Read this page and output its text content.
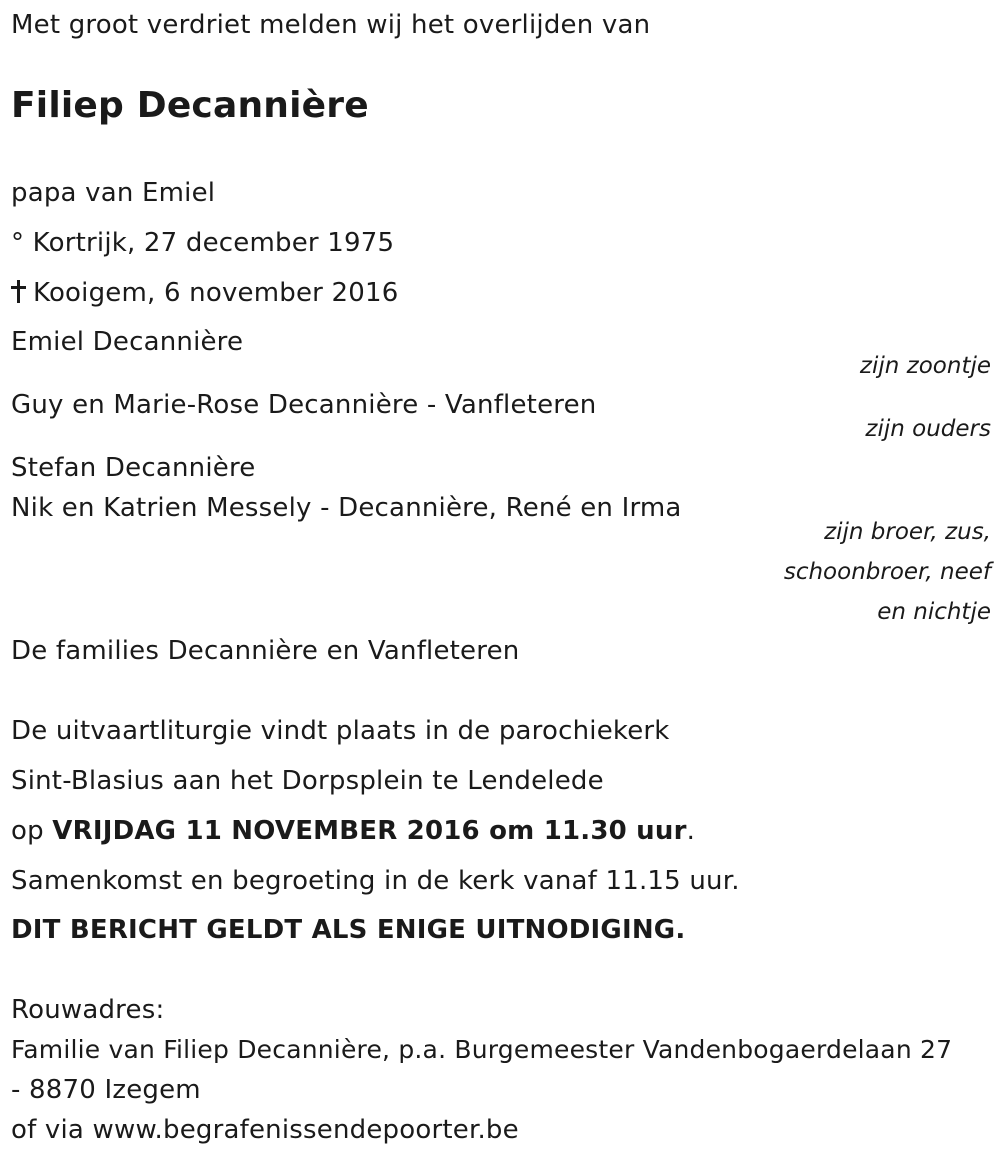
Met groot verdriet melden wij het overlijden van
Filiep Decannière
papa van Emiel
° Kortrijk, 27 december 1975
Kooigem, 6 november 2016
Emiel Decannière
zijn zoontje
Guy en Marie-Rose Decannière - Vanfleteren
zijn ouders
Stefan Decannière
Nik en Katrien Messely - Decannière, René en Irma
zijn broer, zus,
schoonbroer, neef
en nichtje
De families Decannière en Vanfleteren
De uitvaartliturgie vindt plaats in de parochiekerk
Sint-Blasius aan het Dorpsplein te Lendelede
op VRIJDAG 11 NOVEMBER 2016 om 11.30 uur.
Samenkomst en begroeting in de kerk vanaf 11.15 uur.
DIT BERICHT GELDT ALS ENIGE UITNODIGING.
Rouwadres:
Familie van Filiep Decannière, p.a. Burgemeester Vandenbogaerdelaan 27
- 8870 Izegem
of via www.begrafenissendepoorter.be
